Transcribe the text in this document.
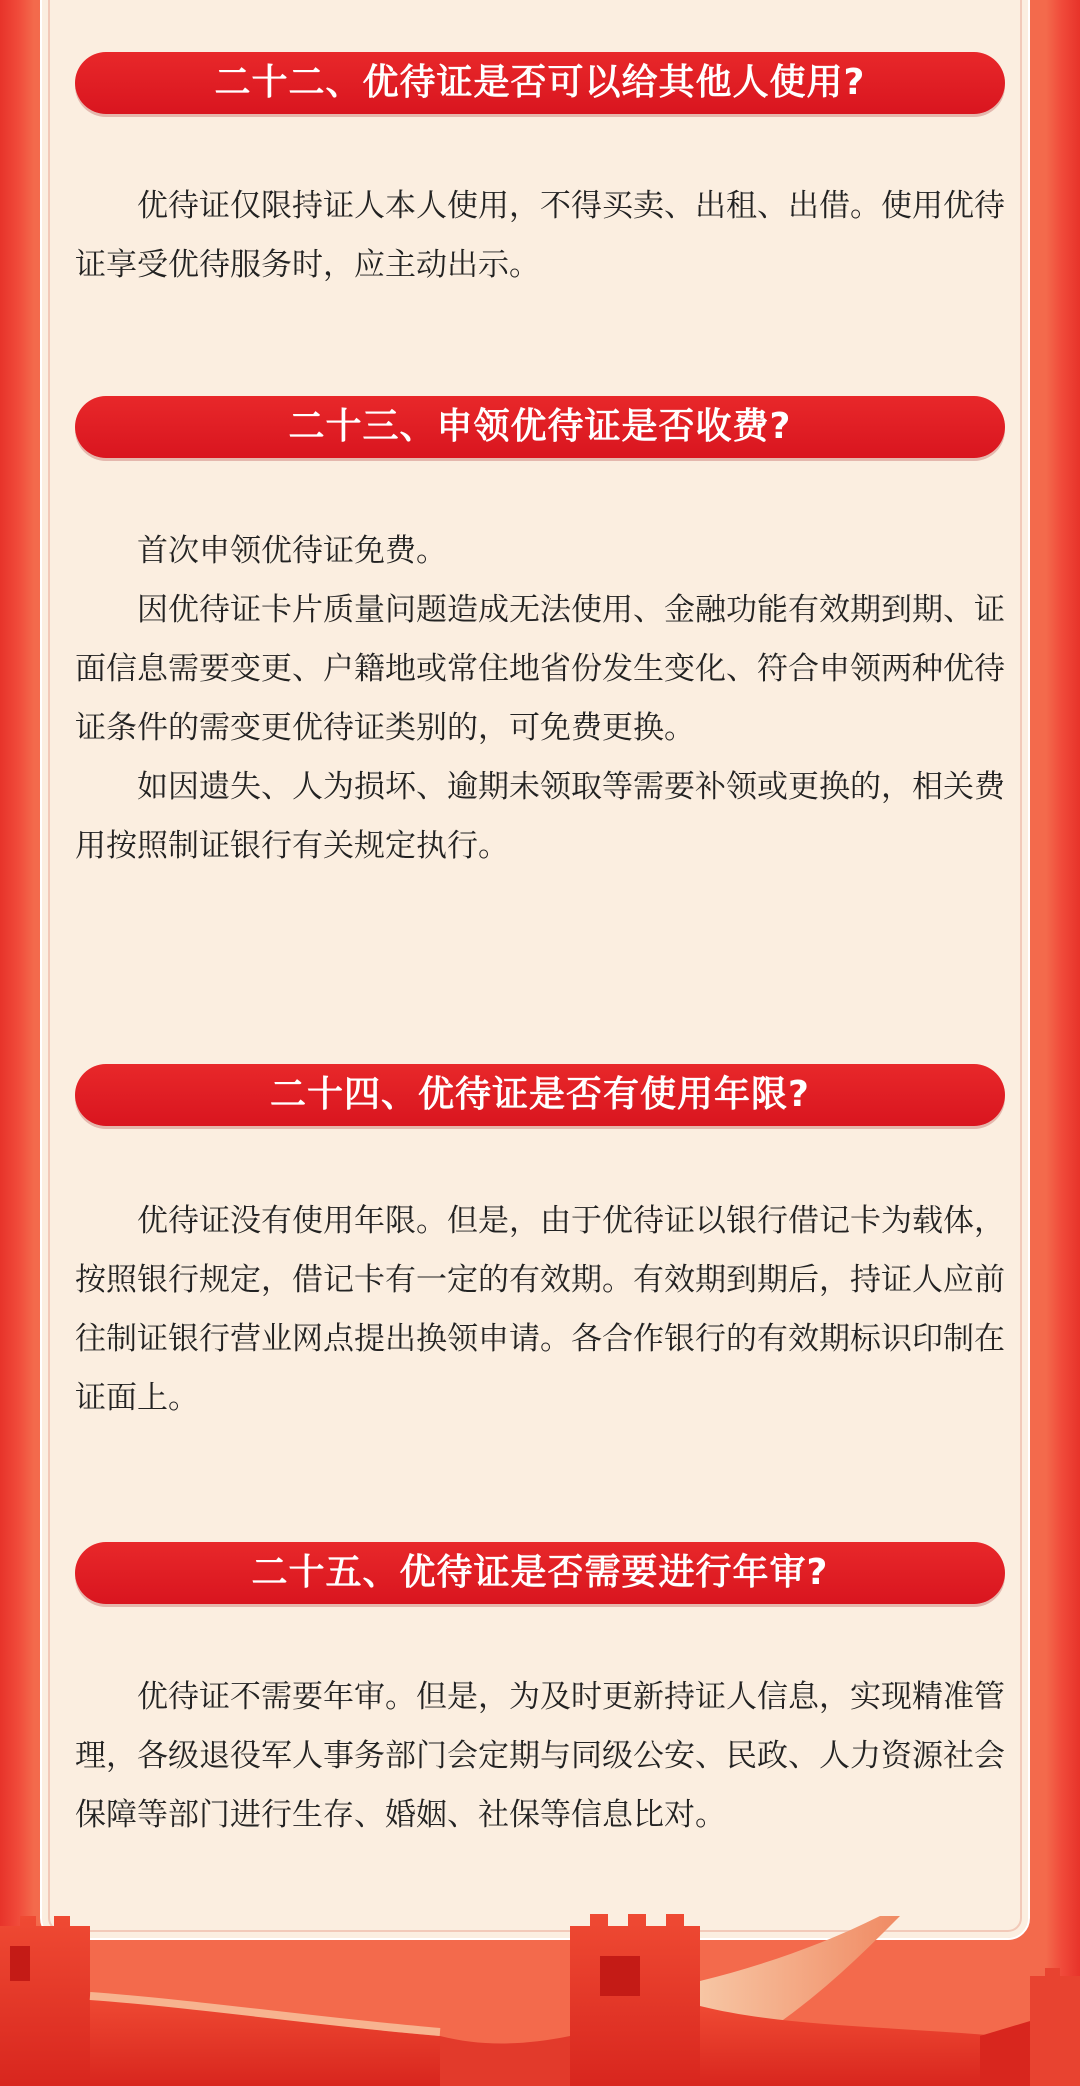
二十二、优待证是否可以给其他人使用?

优待证仅限持证人本人使用，不得买卖、出租、出借。使用优待证享受优待服务时，应主动出示。

二十三、申领优待证是否收费?

首次申领优待证免费。

因优待证卡片质量问题造成无法使用、金融功能有效期到期、证面信息需要变更、户籍地或常住地省份发生变化、符合申领两种优待证条件的需变更优待证类别的，可免费更换。

如因遗失、人为损坏、逾期未领取等需要补领或更换的，相关费用按照制证银行有关规定执行。

二十四、优待证是否有使用年限?

优待证没有使用年限。但是，由于优待证以银行借记卡为载体，按照银行规定，借记卡有一定的有效期。有效期到期后，持证人应前往制证银行营业网点提出换领申请。各合作银行的有效期标识印制在证面上。

二十五、优待证是否需要进行年审?

优待证不需要年审。但是，为及时更新持证人信息，实现精准管理，各级退役军人事务部门会定期与同级公安、民政、人力资源社会保障等部门进行生存、婚姻、社保等信息比对。
